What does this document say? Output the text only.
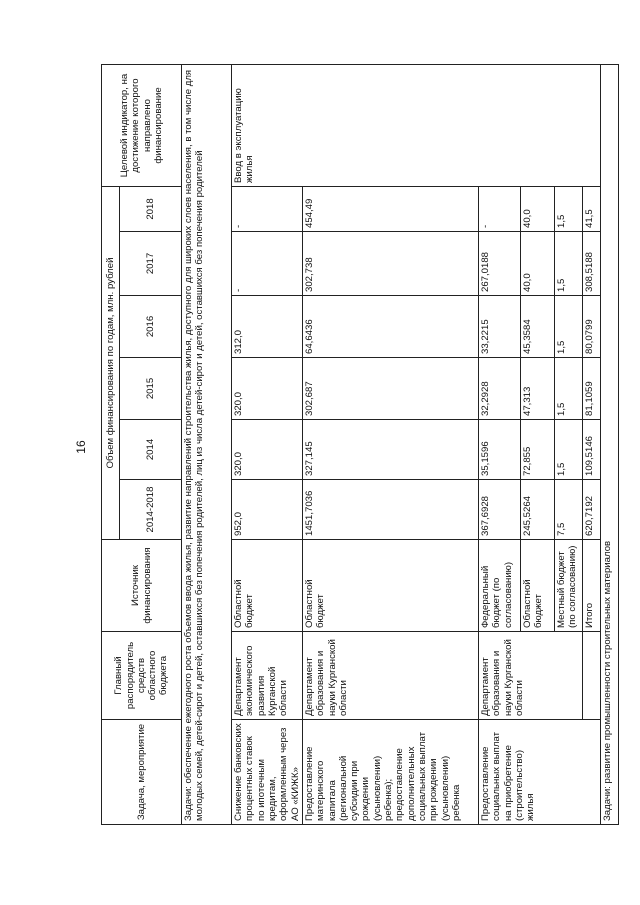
16
Задача, мероприятие	Главный распорядитель средств областного бюджета	Источник финансирования	Объем финансирования по годам, млн. рублей						Целевой индикатор, на достижение которого направлено финансирование
			2014-2018	2014	2015	2016	2017	2018	
Задачи: обеспечение ежегодного роста объемов ввода жилья, развитие направлений строительства жилья, доступного для широких слоев населения, в том числе для молодых семей, детей-сирот и детей, оставшихся без попечения родителей, лиц из числа детей-сирот и детей, оставшихся без попечения родителей									
Снижение банковских процентных ставок по ипотечным кредитам, оформленным через АО «КИЖК»	Департамент экономического развития Курганской области	Областной бюджет	952,0	320,0	320,0	312,0	-	-	Ввод в эксплуатацию жилья
Предоставление материнского капитала (региональной субсидии при рождении (усыновлении) ребенка); предоставление дополнительных социальных выплат при рождении (усыновлении) ребенка	Департамент образования и науки Курганской области	Областной бюджет	1451,7036	327,145	302,687	64,6436	302,738	454,49	
Предоставление социальных выплат на приобретение (строительство) жилья	Департамент образования и науки Курганской области	Федеральный бюджет (по согласованию)	367,6928	35,1596	32,2928	33,2215	267,0188	-	
		Областной бюджет	245,5264	72,855	47,313	45,3584	40,0	40,0	
		Местный бюджет (по согласованию)	7,5	1,5	1,5	1,5	1,5	1,5	
		Итого	620,7192	109,5146	81,1059	80,0799	308,5188	41,5	
Задачи: развитие промышленности строительных материалов									
